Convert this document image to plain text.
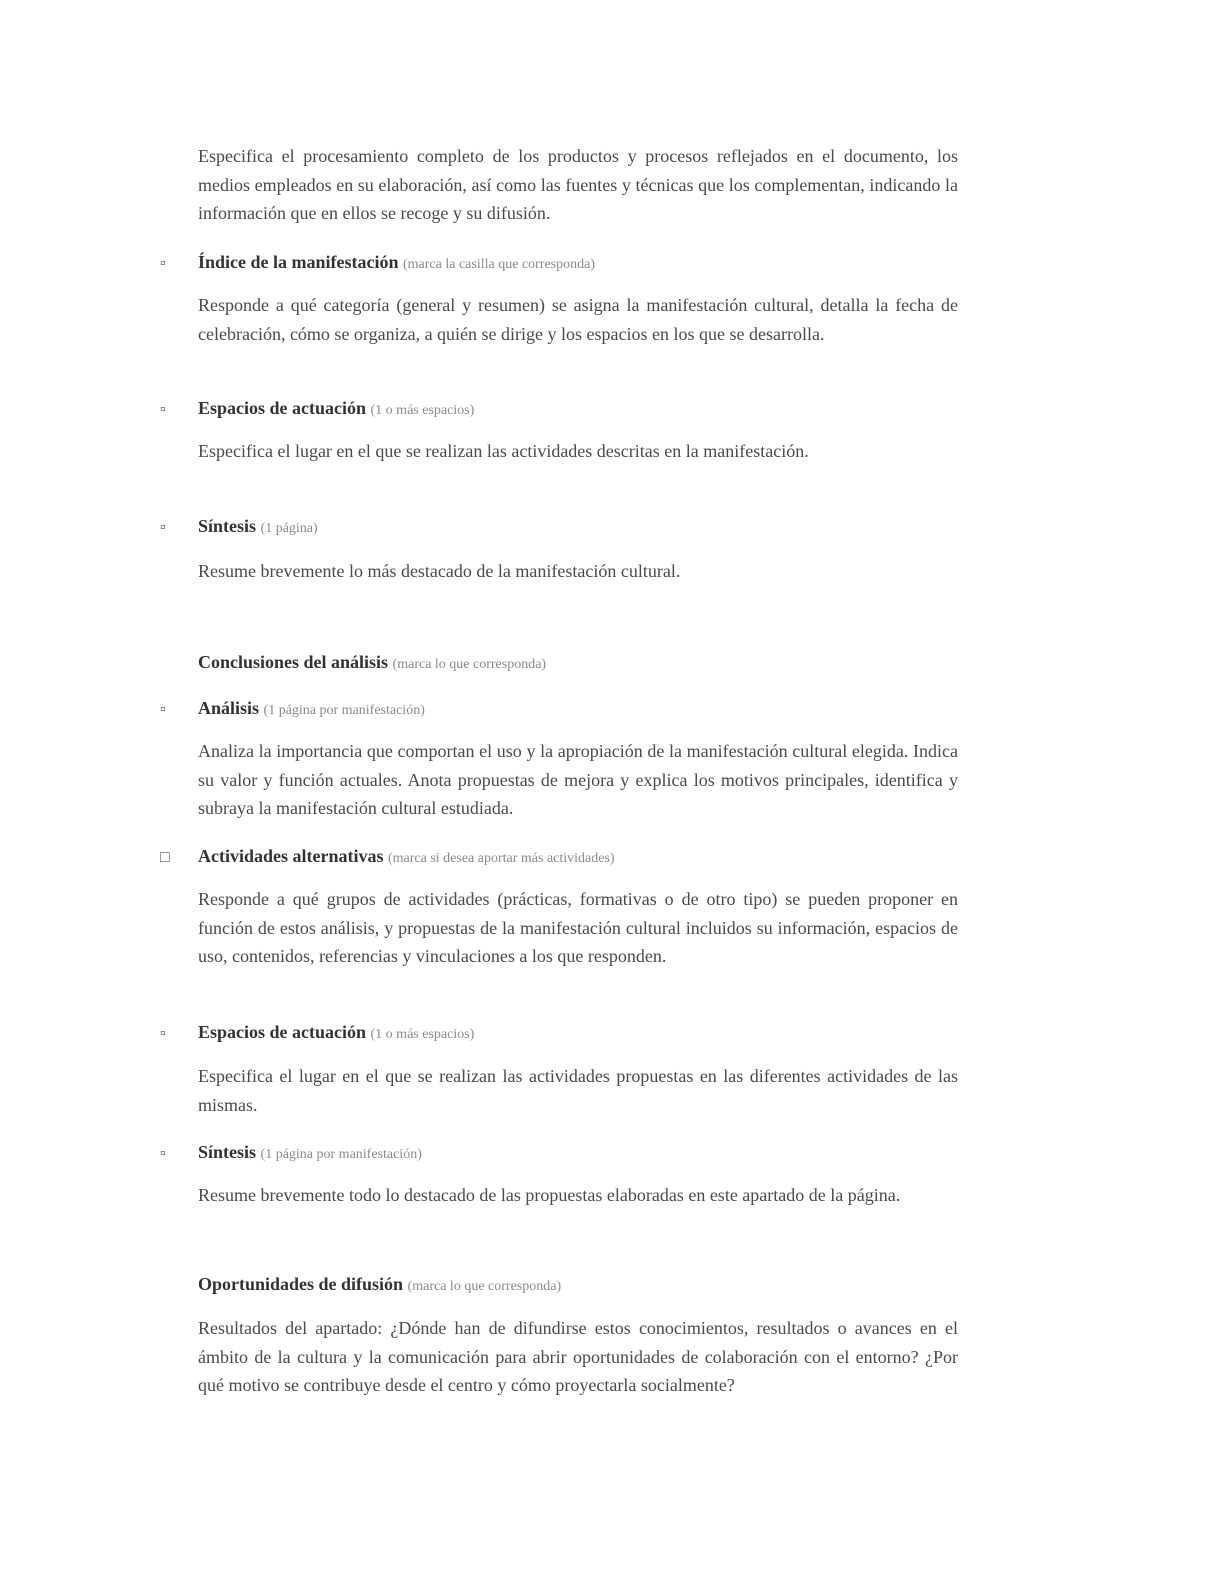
Especifica el procesamiento completo de los productos y procesos reflejados en el documento, los medios empleados en su elaboración, así como las fuentes y técnicas que los complementan, indicando la información que en ellos se recoge y su difusión.
▫ Índice de la manifestación (marca la casilla que corresponda)
Responde a qué categoría (general y resumen) se asigna la manifestación cultural, detalla la fecha de celebración, cómo se organiza, a quién se dirige y los espacios en los que se desarrolla.
▫ Espacios de actuación (1 o más espacios)
Especifica el lugar en el que se realizan las actividades descritas en la manifestación.
▫ Síntesis (1 página)
Resume brevemente lo más destacado de la manifestación cultural.
Conclusiones del análisis (marca lo que corresponda)
▫ Análisis (1 página por manifestación)
Analiza la importancia que comportan el uso y la apropiación de la manifestación cultural elegida. Indica su valor y función actuales. Anota propuestas de mejora y explica los motivos principales, identifica y subraya la manifestación cultural estudiada.
□ Actividades alternativas (marca si desea aportar más actividades)
Responde a qué grupos de actividades (prácticas, formativas o de otro tipo) se pueden proponer en función de estos análisis, y propuestas de la manifestación cultural incluidos su información, espacios de uso, contenidos, referencias y vinculaciones a los que responden.
▫ Espacios de actuación (1 o más espacios)
Especifica el lugar en el que se realizan las actividades propuestas en las diferentes actividades de las mismas.
▫ Síntesis (1 página por manifestación)
Resume brevemente todo lo destacado de las propuestas elaboradas en este apartado de la página.
Oportunidades de difusión (marca lo que corresponda)
Resultados del apartado: ¿Dónde han de difundirse estos conocimientos, resultados o avances en el ámbito de la cultura y la comunicación para abrir oportunidades de colaboración con el entorno? ¿Por qué motivo se contribuye desde el centro y cómo proyectarla socialmente?
